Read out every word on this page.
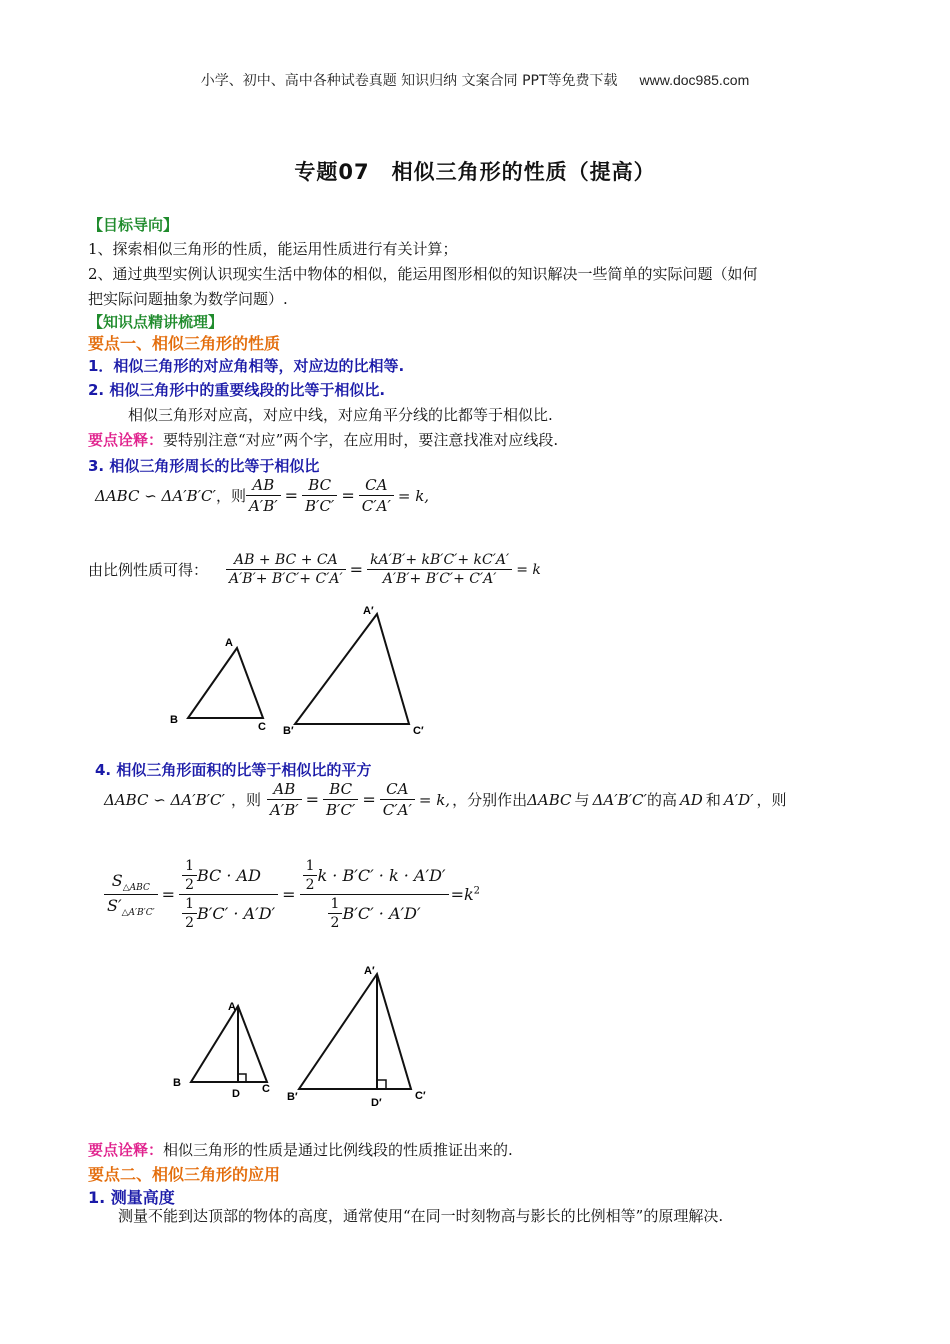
小学、初中、高中各种试卷真题 知识归纳 文案合同 PPT等免费下载 www.doc985.com
专题07　相似三角形的性质（提高）
【目标导向】
1、探索相似三角形的性质，能运用性质进行有关计算；
2、通过典型实例认识现实生活中物体的相似，能运用图形相似的知识解决一些简单的实际问题（如何
把实际问题抽象为数学问题）.
【知识点精讲梳理】
要点一、相似三角形的性质
1．相似三角形的对应角相等，对应边的比相等.
2. 相似三角形中的重要线段的比等于相似比.
相似三角形对应高，对应中线，对应角平分线的比都等于相似比.
要点诠释：要特别注意“对应”两个字，在应用时，要注意找准对应线段.
3. 相似三角形周长的比等于相似比
ΔABC ∽ ΔA′B′C′ ，则 $\frac{AB}{A'B'} = \frac{BC}{B'C'} = \frac{CA}{C'A'} = k$,
由比例性质可得： $\frac{AB + BC + CA}{A'B'+ B'C'+ C'A'} = \frac{kA'B'+ kB'C'+ kC'A'}{A'B'+ B'C'+ C'A'} = k$
A
B
C
A′
B′	C′
4. 相似三角形面积的比等于相似比的平方
ΔABC ∽ ΔA′B′C′ ，则 $\frac{AB}{A'B'} = \frac{BC}{B'C'} = \frac{CA}{C'A'} = k$, ，分别作出 ΔABC 与 ΔA′B′C′ 的高 AD 和 A′D′ ，则
$\frac{S_{\triangle ABC}}{S'_{\triangle A'B'C'}} = \frac{\frac{1}{2} BC \cdot AD}{\frac{1}{2} B'C' \cdot A'D'} = \frac{\frac{1}{2} k \cdot B'C' \cdot k \cdot A'D'}{\frac{1}{2} B'C' \cdot A'D'} =k^2$
A
B
D C
A′
B′	D′
C′
要点诠释：相似三角形的性质是通过比例线段的性质推证出来的.
要点二、相似三角形的应用
1. 测量高度
测量不能到达顶部的物体的高度，通常使用“在同一时刻物高与影长的比例相等”的原理解决.
